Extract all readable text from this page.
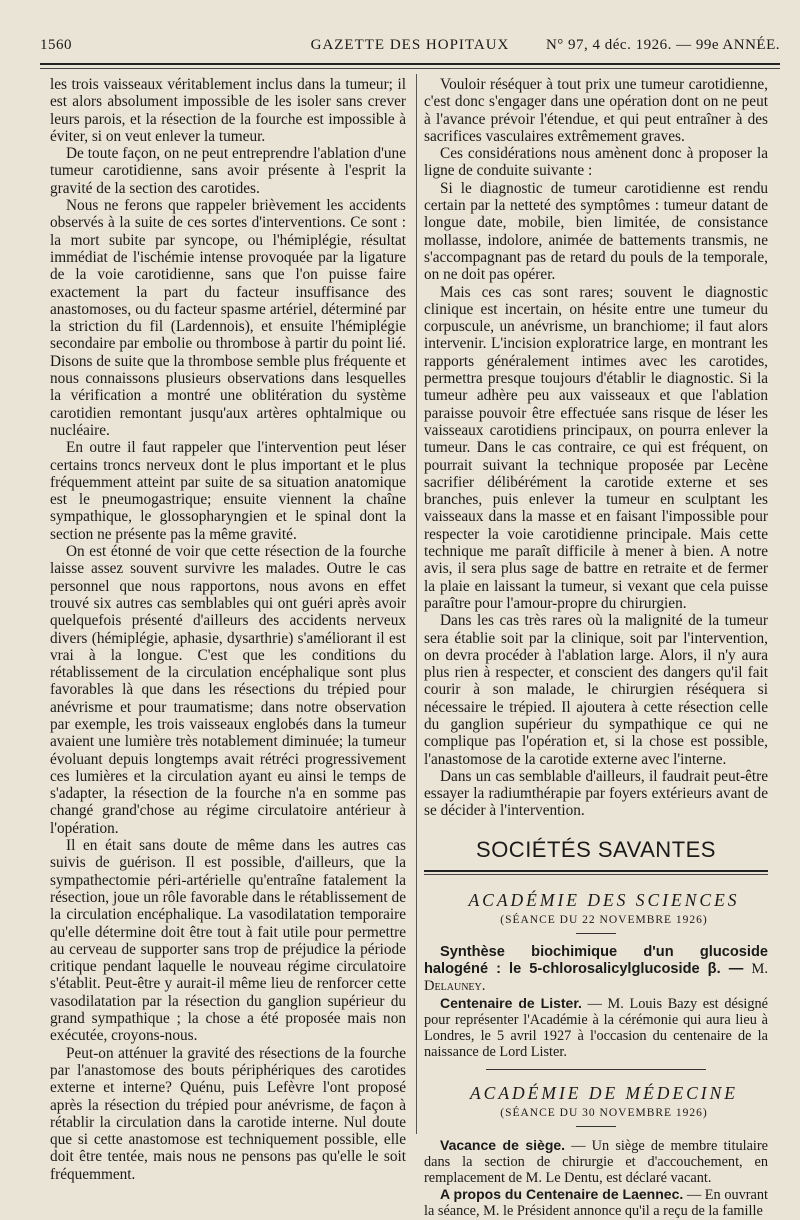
1560	GAZETTE DES HOPITAUX	N° 97, 4 déc. 1926. — 99e ANNÉE.

les trois vaisseaux véritablement inclus dans la tumeur; il est alors absolument impossible de les isoler sans crever leurs parois, et la résection de la fourche est impossible à éviter, si on veut enlever la tumeur.

De toute façon, on ne peut entreprendre l'ablation d'une tumeur carotidienne, sans avoir présente à l'esprit la gravité de la section des carotides.

Nous ne ferons que rappeler brièvement les accidents observés à la suite de ces sortes d'interventions. Ce sont : la mort subite par syncope, ou l'hémiplégie, résultat immédiat de l'ischémie intense provoquée par la ligature de la voie carotidienne, sans que l'on puisse faire exactement la part du facteur insuffisance des anastomoses, ou du facteur spasme artériel, déterminé par la striction du fil (Lardennois), et ensuite l'hémiplégie secondaire par embolie ou thrombose à partir du point lié. Disons de suite que la thrombose semble plus fréquente et nous connaissons plusieurs observations dans lesquelles la vérification a montré une oblitération du système carotidien remontant jusqu'aux artères ophtalmique ou nucléaire.

En outre il faut rappeler que l'intervention peut léser certains troncs nerveux dont le plus important et le plus fréquemment atteint par suite de sa situation anatomique est le pneumogastrique; ensuite viennent la chaîne sympathique, le glossopharyngien et le spinal dont la section ne présente pas la même gravité.

On est étonné de voir que cette résection de la fourche laisse assez souvent survivre les malades. Outre le cas personnel que nous rapportons, nous avons en effet trouvé six autres cas semblables qui ont guéri après avoir quelquefois présenté d'ailleurs des accidents nerveux divers (hémiplégie, aphasie, dysarthrie) s'améliorant il est vrai à la longue. C'est que les conditions du rétablissement de la circulation encéphalique sont plus favorables là que dans les résections du trépied pour anévrisme et pour traumatisme; dans notre observation par exemple, les trois vaisseaux englobés dans la tumeur avaient une lumière très notablement diminuée; la tumeur évoluant depuis longtemps avait rétréci progressivement ces lumières et la circulation ayant eu ainsi le temps de s'adapter, la résection de la fourche n'a en somme pas changé grand'chose au régime circulatoire antérieur à l'opération.

Il en était sans doute de même dans les autres cas suivis de guérison. Il est possible, d'ailleurs, que la sympathectomie péri-artérielle qu'entraîne fatalement la résection, joue un rôle favorable dans le rétablissement de la circulation encéphalique. La vasodilatation temporaire qu'elle détermine doit être tout à fait utile pour permettre au cerveau de supporter sans trop de préjudice la période critique pendant laquelle le nouveau régime circulatoire s'établit. Peut-être y aurait-il même lieu de renforcer cette vasodilatation par la résection du ganglion supérieur du grand sympathique ; la chose a été proposée mais non exécutée, croyons-nous.

Peut-on atténuer la gravité des résections de la fourche par l'anastomose des bouts périphériques des carotides externe et interne? Quénu, puis Lefèvre l'ont proposé après la résection du trépied pour anévrisme, de façon à rétablir la circulation dans la carotide interne. Nul doute que si cette anastomose est techniquement possible, elle doit être tentée, mais nous ne pensons pas qu'elle le soit fréquemment.

Vouloir réséquer à tout prix une tumeur carotidienne, c'est donc s'engager dans une opération dont on ne peut à l'avance prévoir l'étendue, et qui peut entraîner à des sacrifices vasculaires extrêmement graves.

Ces considérations nous amènent donc à proposer la ligne de conduite suivante :

Si le diagnostic de tumeur carotidienne est rendu certain par la netteté des symptômes : tumeur datant de longue date, mobile, bien limitée, de consistance mollasse, indolore, animée de battements transmis, ne s'accompagnant pas de retard du pouls de la temporale, on ne doit pas opérer.

Mais ces cas sont rares; souvent le diagnostic clinique est incertain, on hésite entre une tumeur du corpuscule, un anévrisme, un branchiome; il faut alors intervenir. L'incision exploratrice large, en montrant les rapports généralement intimes avec les carotides, permettra presque toujours d'établir le diagnostic. Si la tumeur adhère peu aux vaisseaux et que l'ablation paraisse pouvoir être effectuée sans risque de léser les vaisseaux carotidiens principaux, on pourra enlever la tumeur. Dans le cas contraire, ce qui est fréquent, on pourrait suivant la technique proposée par Lecène sacrifier délibérément la carotide externe et ses branches, puis enlever la tumeur en sculptant les vaisseaux dans la masse et en faisant l'impossible pour respecter la voie carotidienne principale. Mais cette technique me paraît difficile à mener à bien. A notre avis, il sera plus sage de battre en retraite et de fermer la plaie en laissant la tumeur, si vexant que cela puisse paraître pour l'amour-propre du chirurgien.

Dans les cas très rares où la malignité de la tumeur sera établie soit par la clinique, soit par l'intervention, on devra procéder à l'ablation large. Alors, il n'y aura plus rien à respecter, et conscient des dangers qu'il fait courir à son malade, le chirurgien réséquera si nécessaire le trépied. Il ajoutera à cette résection celle du ganglion supérieur du sympathique ce qui ne complique pas l'opération et, si la chose est possible, l'anastomose de la carotide externe avec l'interne.

Dans un cas semblable d'ailleurs, il faudrait peut-être essayer la radiumthérapie par foyers extérieurs avant de se décider à l'intervention.

SOCIÉTÉS SAVANTES

ACADÉMIE DES SCIENCES

(SÉANCE DU 22 NOVEMBRE 1926)

Synthèse biochimique d'un glucoside halogéné : le 5-chlorosalicylglucoside β. — M. Delauney.

Centenaire de Lister. — M. Louis Bazy est désigné pour représenter l'Académie à la cérémonie qui aura lieu à Londres, le 5 avril 1927 à l'occasion du centenaire de la naissance de Lord Lister.

ACADÉMIE DE MÉDECINE

(SÉANCE DU 30 NOVEMBRE 1926)

Vacance de siège. — Un siège de membre titulaire dans la section de chirurgie et d'accouchement, en remplacement de M. Le Dentu, est déclaré vacant.

A propos du Centenaire de Laennec. — En ouvrant la séance, M. le Président annonce qu'il a reçu de la famille
